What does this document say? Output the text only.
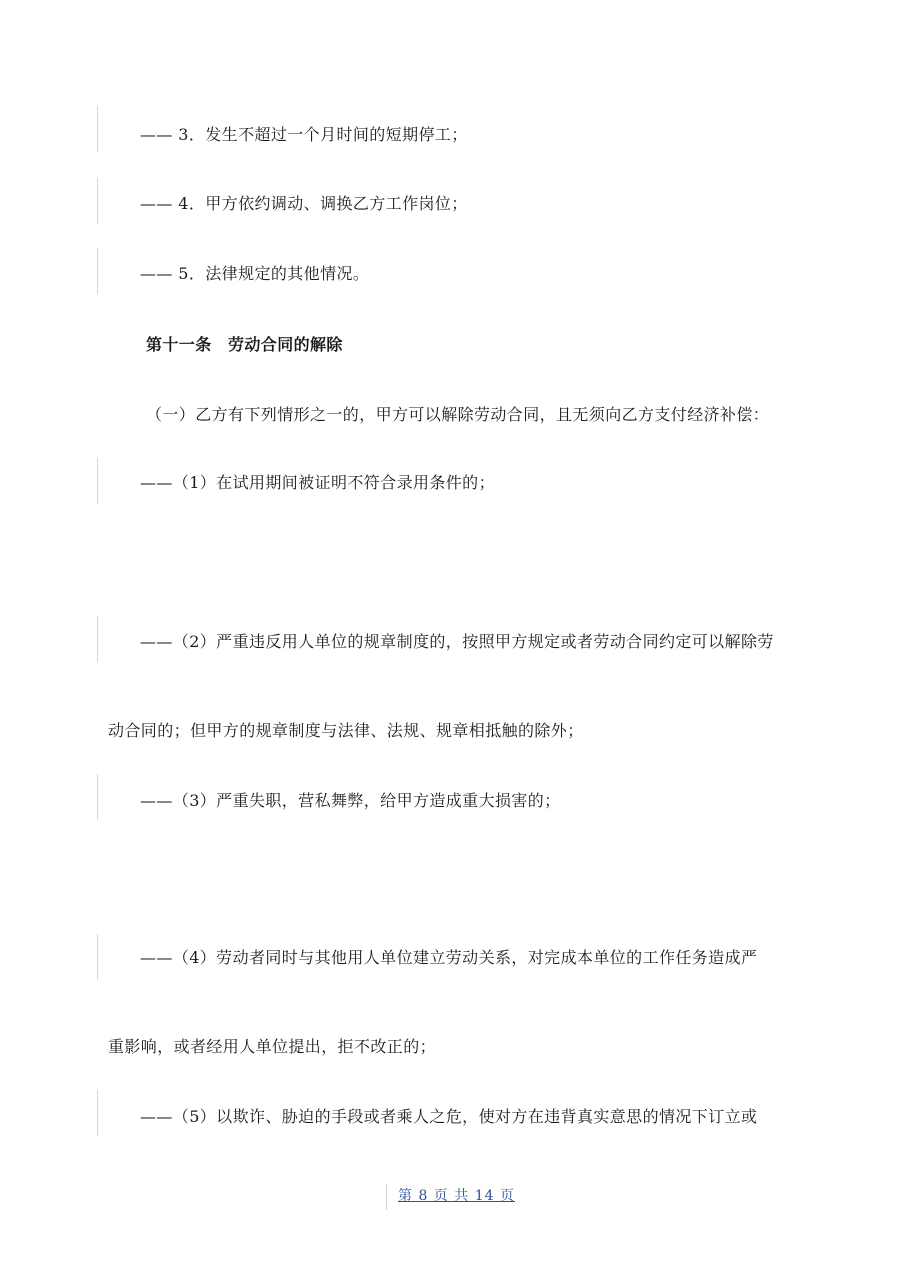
—— 3．发生不超过一个月时间的短期停工；
—— 4．甲方依约调动、调换乙方工作岗位；
—— 5．法律规定的其他情况。
第十一条　劳动合同的解除
（一）乙方有下列情形之一的，甲方可以解除劳动合同，且无须向乙方支付经济补偿：
——（1）在试用期间被证明不符合录用条件的；
——（2）严重违反用人单位的规章制度的，按照甲方规定或者劳动合同约定可以解除劳
动合同的；但甲方的规章制度与法律、法规、规章相抵触的除外；
——（3）严重失职，营私舞弊，给甲方造成重大损害的；
——（4）劳动者同时与其他用人单位建立劳动关系，对完成本单位的工作任务造成严
重影响，或者经用人单位提出，拒不改正的；
——（5）以欺诈、胁迫的手段或者乘人之危，使对方在违背真实意思的情况下订立或
第 8 页 共 14 页
